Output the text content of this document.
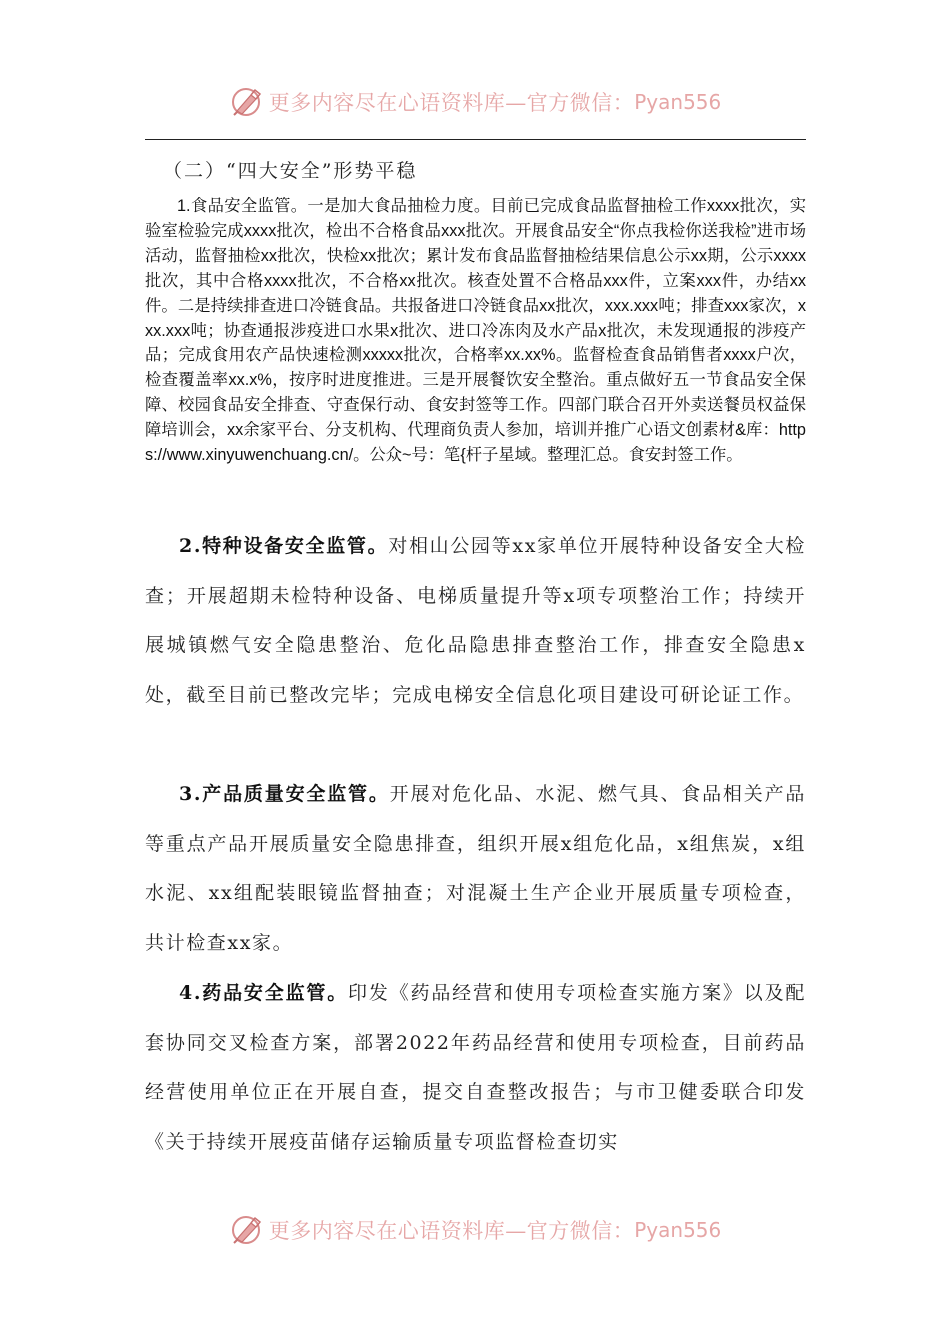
更多内容尽在心语资料库—官方微信： Pyan556
（二）“四大安全”形势平稳

1.食品安全监管。一是加大食品抽检力度。目前已完成食品监督抽检工作xxxx批次，实验室检验完成xxxx批次，检出不合格食品xxx批次。开展食品安全“你点我检你送我检”进市场活动，监督抽检xx批次，快检xx批次；累计发布食品监督抽检结果信息公示xx期，公示xxxx批次，其中合格xxxx批次，不合格xx批次。核查处置不合格品xxx件，立案xxx件，办结xx件。二是持续排查进口冷链食品。共报备进口冷链食品xx批次，xxx.xxx吨；排查xxx家次，xxx.xxx吨；协查通报涉疫进口水果x批次、进口冷冻肉及水产品x批次，未发现通报的涉疫产品；完成食用农产品快速检测xxxxx批次，合格率xx.xx%。监督检查食品销售者xxxx户次，检查覆盖率xx.x%，按序时进度推进。三是开展餐饮安全整治。重点做好五一节食品安全保障、校园食品安全排查、守查保行动、食安封签等工作。四部门联合召开外卖送餐员权益保障培训会，xx余家平台、分支机构、代理商负责人参加，培训并推广心语文创素材&库：https://www.xinyuwenchuang.cn/。公众~号：笔{杆子星域。整理汇总。食安封签工作。

2.特种设备安全监管。对相山公园等xx家单位开展特种设备安全大检查；开展超期未检特种设备、电梯质量提升等x项专项整治工作；持续开展城镇燃气安全隐患整治、危化品隐患排查整治工作，排查安全隐患x处，截至目前已整改完毕；完成电梯安全信息化项目建设可研论证工作。

3.产品质量安全监管。开展对危化品、水泥、燃气具、食品相关产品等重点产品开展质量安全隐患排查，组织开展x组危化品，x组焦炭，x组水泥、xx组配装眼镜监督抽查；对混凝土生产企业开展质量专项检查，共计检查xx家。

4.药品安全监管。印发《药品经营和使用专项检查实施方案》以及配套协同交叉检查方案，部署2022年药品经营和使用专项检查，目前药品经营使用单位正在开展自查，提交自查整改报告；与市卫健委联合印发《关于持续开展疫苗储存运输质量专项监督检查切实

更多内容尽在心语资料库—官方微信： Pyan556
